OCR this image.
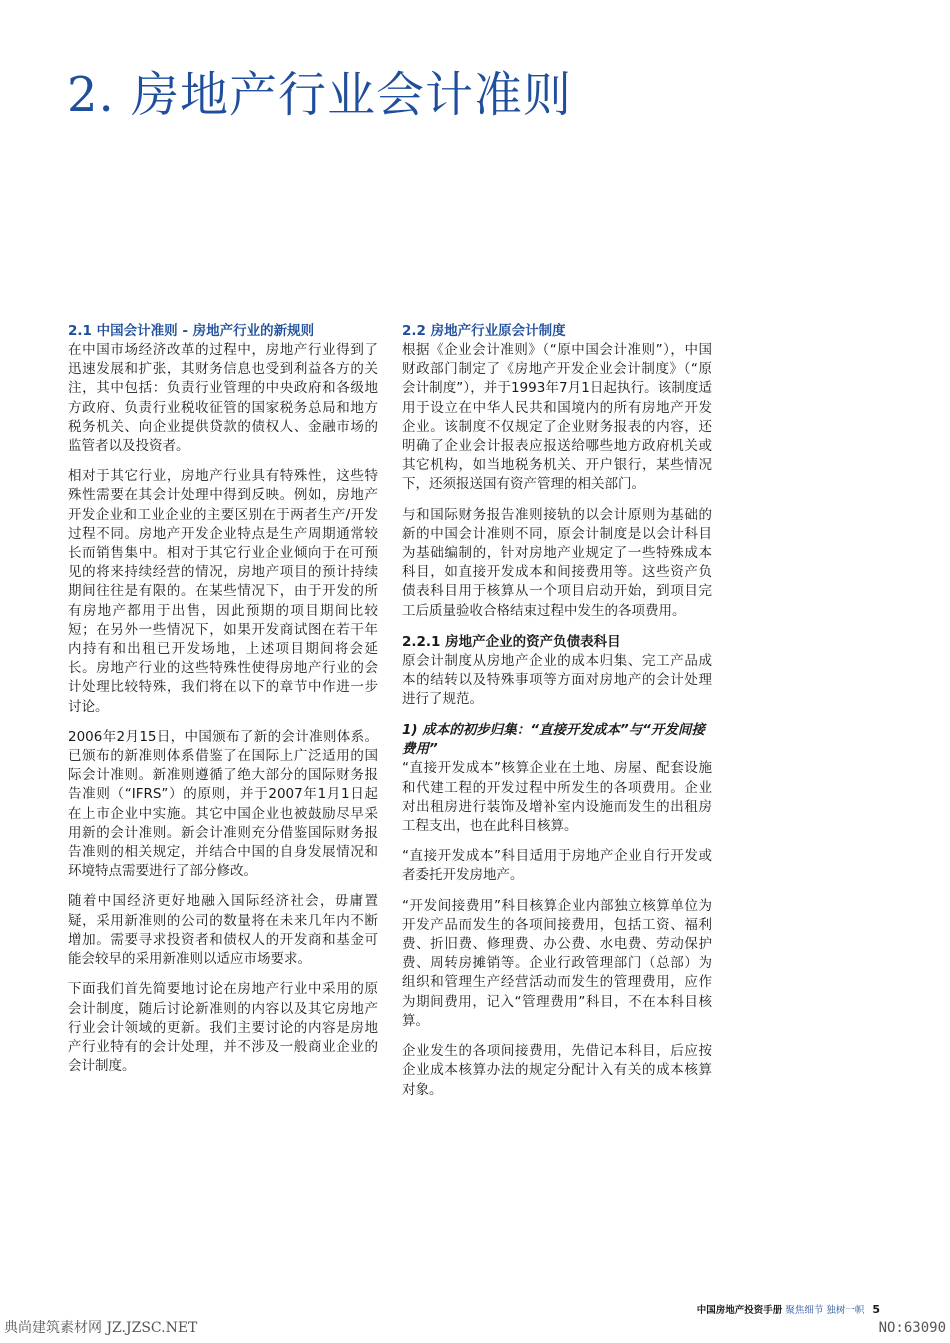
2. 房地产行业会计准则
2.1 中国会计准则 - 房地产行业的新规则

在中国市场经济改革的过程中，房地产行业得到了迅速发展和扩张，其财务信息也受到利益各方的关注，其中包括：负责行业管理的中央政府和各级地方政府、负责行业税收征管的国家税务总局和地方税务机关、向企业提供贷款的债权人、金融市场的监管者以及投资者。

相对于其它行业，房地产行业具有特殊性，这些特殊性需要在其会计处理中得到反映。例如，房地产开发企业和工业企业的主要区别在于两者生产/开发过程不同。房地产开发企业特点是生产周期通常较长而销售集中。相对于其它行业企业倾向于在可预见的将来持续经营的情况，房地产项目的预计持续期间往往是有限的。在某些情况下，由于开发的所有房地产都用于出售，因此预期的项目期间比较短；在另外一些情况下，如果开发商试图在若干年内持有和出租已开发场地，上述项目期间将会延长。房地产行业的这些特殊性使得房地产行业的会计处理比较特殊，我们将在以下的章节中作进一步讨论。

2006年2月15日，中国颁布了新的会计准则体系。已颁布的新准则体系借鉴了在国际上广泛适用的国际会计准则。新准则遵循了绝大部分的国际财务报告准则（“IFRS”）的原则，并于2007年1月1日起在上市企业中实施。其它中国企业也被鼓励尽早采用新的会计准则。新会计准则充分借鉴国际财务报告准则的相关规定，并结合中国的自身发展情况和环境特点需要进行了部分修改。

随着中国经济更好地融入国际经济社会，毋庸置疑，采用新准则的公司的数量将在未来几年内不断增加。需要寻求投资者和债权人的开发商和基金可能会较早的采用新准则以适应市场要求。

下面我们首先简要地讨论在房地产行业中采用的原会计制度，随后讨论新准则的内容以及其它房地产行业会计领域的更新。我们主要讨论的内容是房地产行业特有的会计处理，并不涉及一般商业企业的会计制度。

2.2 房地产行业原会计制度

根据《企业会计准则》（“原中国会计准则”），中国财政部门制定了《房地产开发企业会计制度》（“原会计制度”），并于1993年7月1日起执行。该制度适用于设立在中华人民共和国境内的所有房地产开发企业。该制度不仅规定了企业财务报表的内容，还明确了企业会计报表应报送给哪些地方政府机关或其它机构，如当地税务机关、开户银行，某些情况下，还须报送国有资产管理的相关部门。

与和国际财务报告准则接轨的以会计原则为基础的新的中国会计准则不同，原会计制度是以会计科目为基础编制的，针对房地产业规定了一些特殊成本科目，如直接开发成本和间接费用等。这些资产负债表科目用于核算从一个项目启动开始，到项目完工后质量验收合格结束过程中发生的各项费用。

2.2.1 房地产企业的资产负债表科目

原会计制度从房地产企业的成本归集、完工产品成本的结转以及特殊事项等方面对房地产的会计处理进行了规范。

1) 成本的初步归集：“直接开发成本”与“开发间接费用”

“直接开发成本”核算企业在土地、房屋、配套设施和代建工程的开发过程中所发生的各项费用。企业对出租房进行装饰及增补室内设施而发生的出租房工程支出，也在此科目核算。

“直接开发成本”科目适用于房地产企业自行开发或者委托开发房地产。

“开发间接费用”科目核算企业内部独立核算单位为开发产品而发生的各项间接费用，包括工资、福利费、折旧费、修理费、办公费、水电费、劳动保护费、周转房摊销等。企业行政管理部门（总部）为组织和管理生产经营活动而发生的管理费用，应作为期间费用，记入“管理费用”科目，不在本科目核算。

企业发生的各项间接费用，先借记本科目，后应按企业成本核算办法的规定分配计入有关的成本核算对象。

中国房地产投资手册 聚焦细节 独树一帜 5
典尚建筑素材网 JZ.JZSC.NET	NO:63090
